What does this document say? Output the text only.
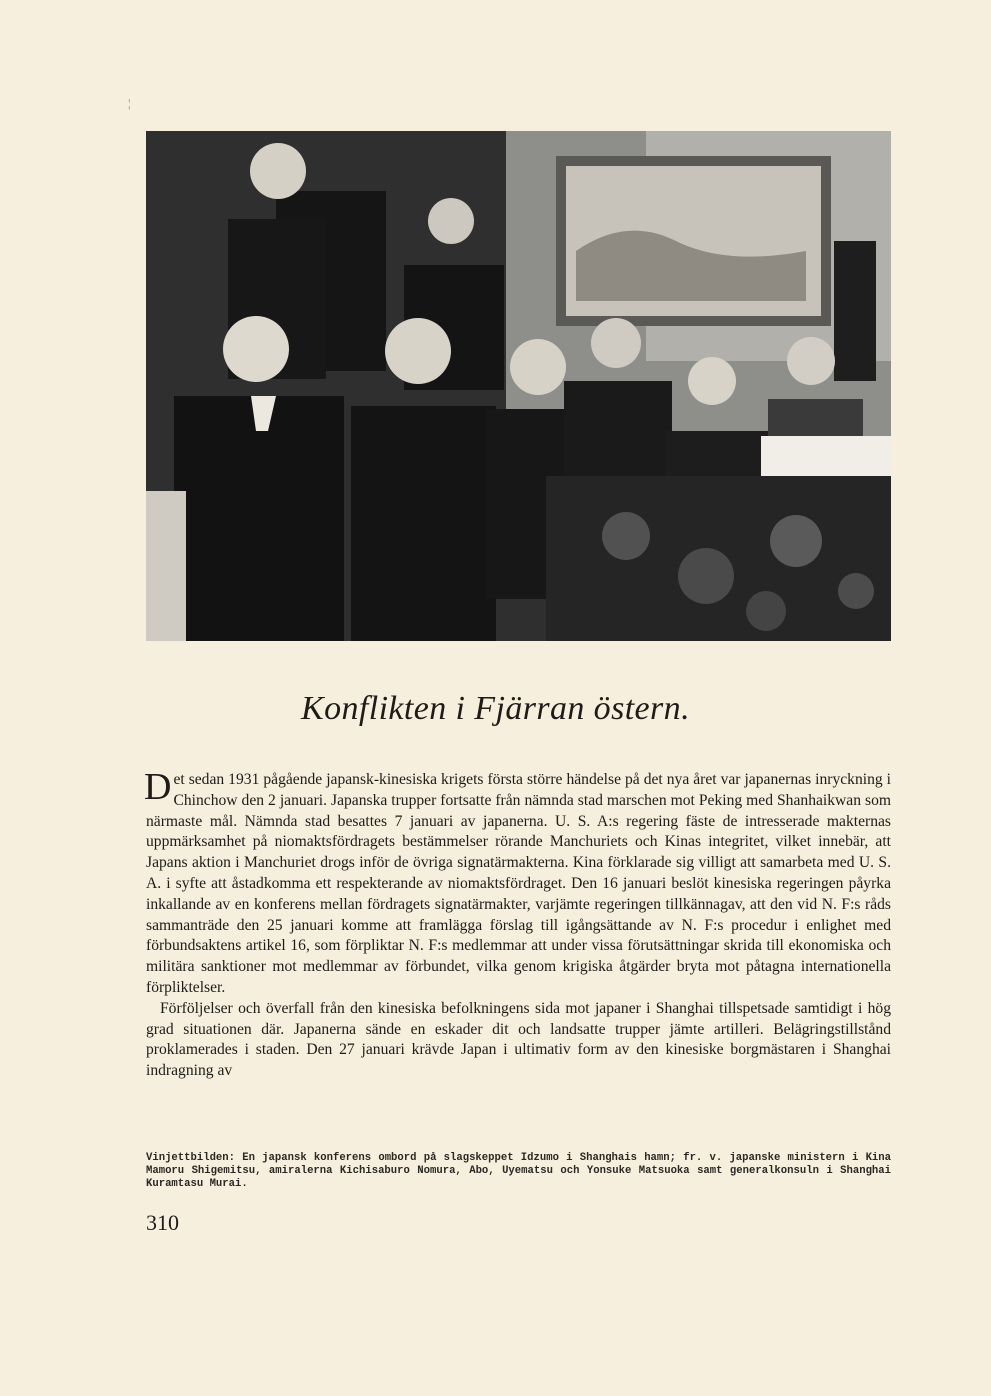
¦
Konflikten i Fjärran östern.

Det sedan 1931 pågående japansk-kinesiska krigets första större händelse på det nya året var japanernas inryckning i Chinchow den 2 januari. Japanska trupper fortsatte från nämnda stad marschen mot Peking med Shanhaikwan som närmaste mål. Nämnda stad besattes 7 januari av japanerna. U. S. A:s regering fäste de intresserade makternas uppmärksamhet på niomaktsfördragets bestämmelser rörande Manchuriets och Kinas integritet, vilket innebär, att Japans aktion i Manchuriet drogs inför de övriga signatärmakterna. Kina förklarade sig villigt att samarbeta med U. S. A. i syfte att åstadkomma ett respekterande av niomaktsfördraget. Den 16 januari beslöt kinesiska regeringen påyrka inkallande av en konferens mellan fördragets signatärmakter, varjämte regeringen tillkännagav, att den vid N. F:s råds sammanträde den 25 januari komme att framlägga förslag till igångsättande av N. F:s procedur i enlighet med förbundsaktens artikel 16, som förpliktar N. F:s medlemmar att under vissa förutsättningar skrida till ekonomiska och militära sanktioner mot medlemmar av förbundet, vilka genom krigiska åtgärder bryta mot påtagna internationella förpliktelser.

Förföljelser och överfall från den kinesiska befolkningens sida mot japaner i Shanghai tillspetsade samtidigt i hög grad situationen där. Japanerna sände en eskader dit och landsatte trupper jämte artilleri. Belägringstillstånd proklamerades i staden. Den 27 januari krävde Japan i ultimativ form av den kinesiske borgmästaren i Shanghai indragning av

Vinjettbilden: En japansk konferens ombord på slagskeppet Idzumo i Shanghais hamn; fr. v. japanske ministern i Kina Mamoru Shigemitsu, amiralerna Kichisaburo Nomura, Abo, Uyematsu och Yonsuke Matsuoka samt generalkonsuln i Shanghai Kuramtasu Murai.
310
